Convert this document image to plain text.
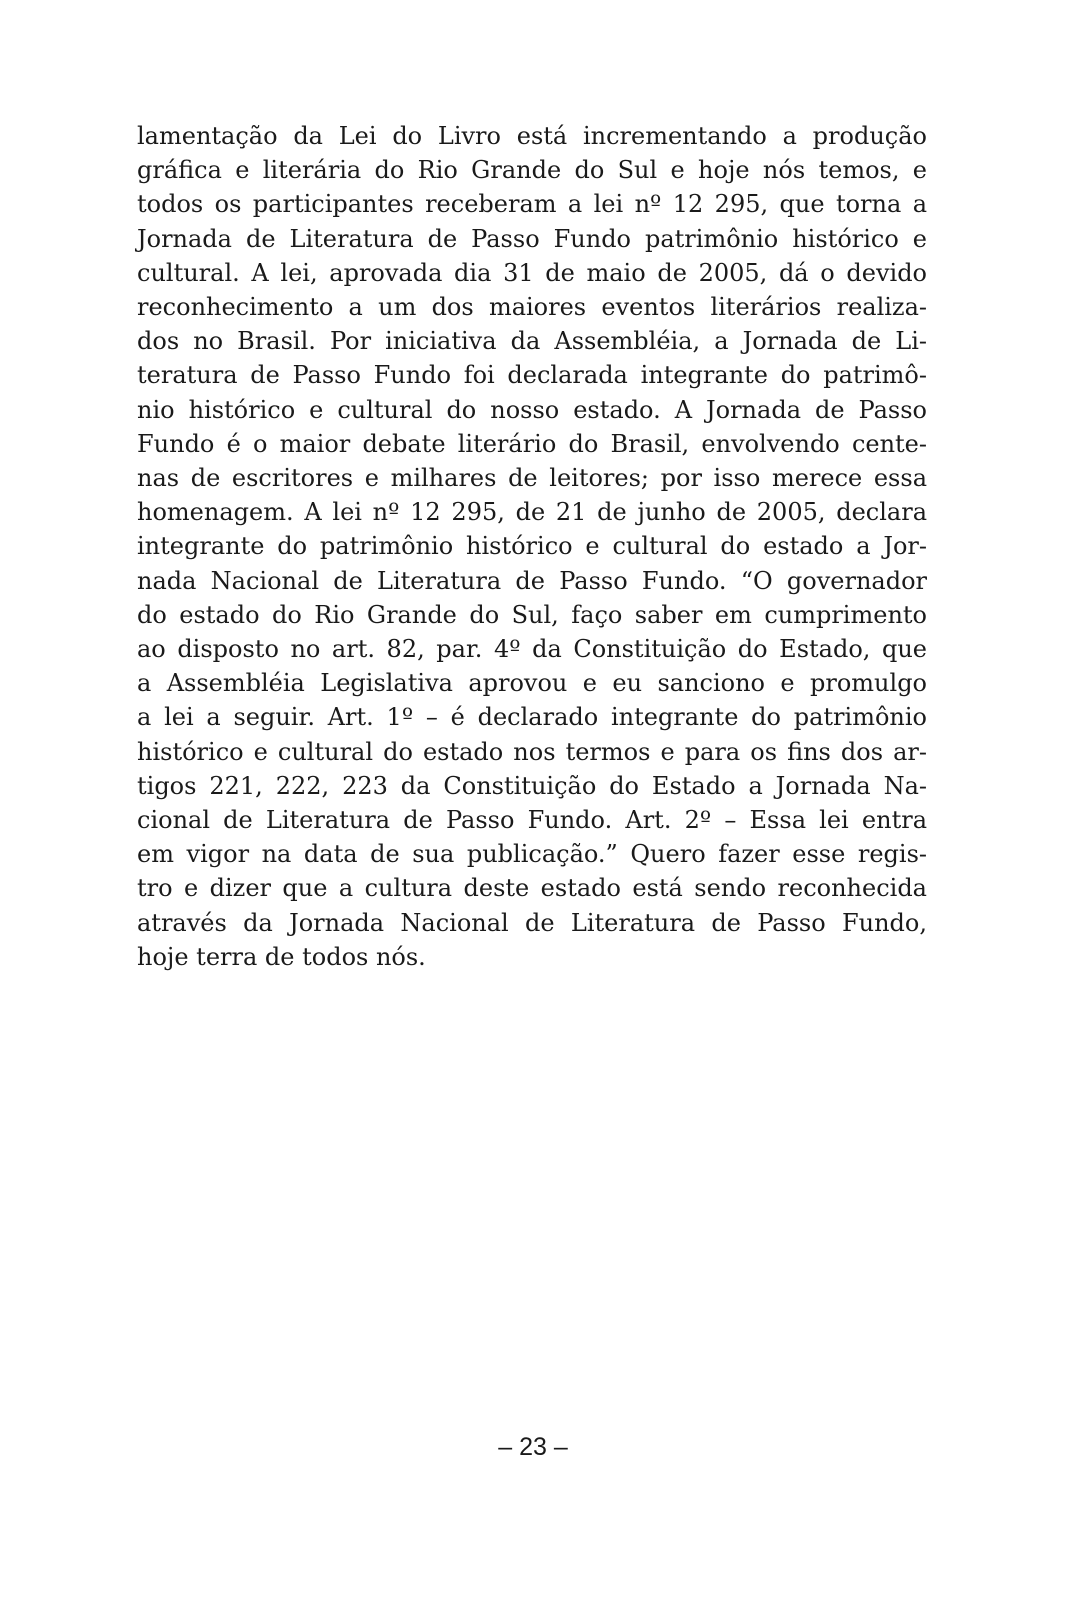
lamentação da Lei do Livro está incrementando a produção
gráfica e literária do Rio Grande do Sul e hoje nós temos, e
todos os participantes receberam a lei nº 12 295, que torna a
Jornada de Literatura de Passo Fundo patrimônio histórico e
cultural. A lei, aprovada dia 31 de maio de 2005, dá o devido
reconhecimento a um dos maiores eventos literários realiza-
dos no Brasil. Por iniciativa da Assembléia, a Jornada de Li-
teratura de Passo Fundo foi declarada integrante do patrimô-
nio histórico e cultural do nosso estado. A Jornada de Passo
Fundo é o maior debate literário do Brasil, envolvendo cente-
nas de escritores e milhares de leitores; por isso merece essa
homenagem. A lei nº 12 295, de 21 de junho de 2005, declara
integrante do patrimônio histórico e cultural do estado a Jor-
nada Nacional de Literatura de Passo Fundo. “O governador
do estado do Rio Grande do Sul, faço saber em cumprimento
ao disposto no art. 82, par. 4º da Constituição do Estado, que
a Assembléia Legislativa aprovou e eu sanciono e promulgo
a lei a seguir. Art. 1º – é declarado integrante do patrimônio
histórico e cultural do estado nos termos e para os fins dos ar-
tigos 221, 222, 223 da Constituição do Estado a Jornada Na-
cional de Literatura de Passo Fundo. Art. 2º – Essa lei entra
em vigor na data de sua publicação.” Quero fazer esse regis-
tro e dizer que a cultura deste estado está sendo reconhecida
através da Jornada Nacional de Literatura de Passo Fundo,
hoje terra de todos nós.
– 23 –
